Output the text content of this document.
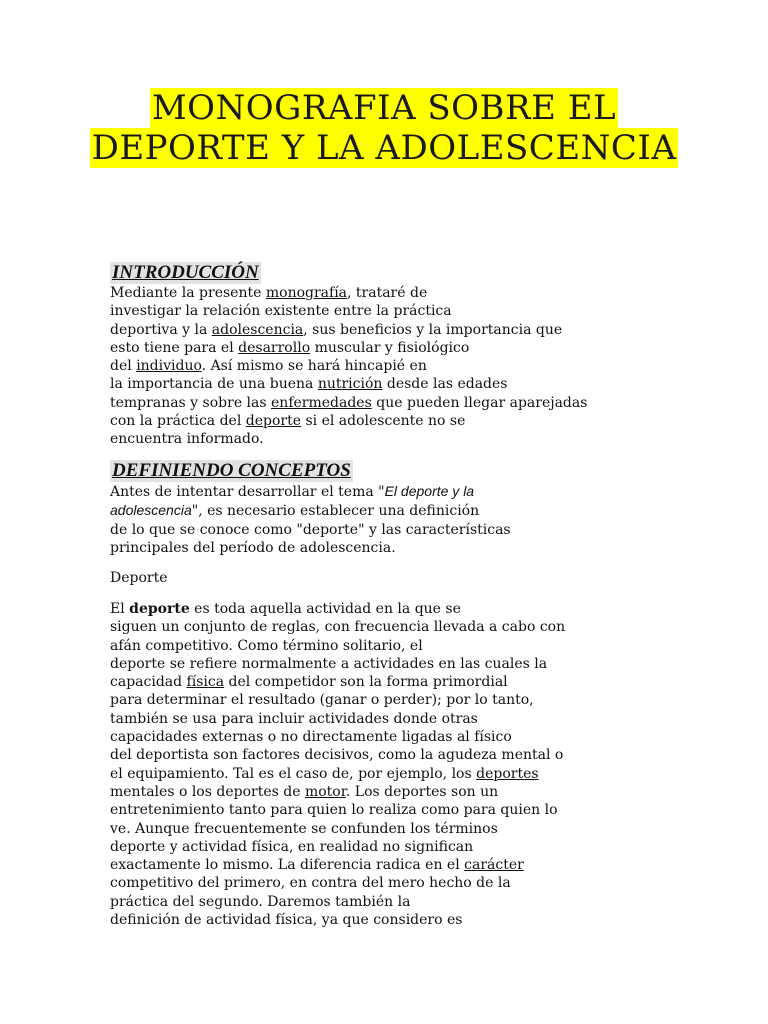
MONOGRAFIA SOBRE EL
DEPORTE Y LA ADOLESCENCIA
INTRODUCCIÓN
Mediante la presente monografía, trataré de
investigar la relación existente entre la práctica
deportiva y la adolescencia, sus beneficios y la importancia que
esto tiene para el desarrollo muscular y fisiológico
del individuo. Así mismo se hará hincapié en
la importancia de una buena nutrición desde las edades
tempranas y sobre las enfermedades que pueden llegar aparejadas
con la práctica del deporte si el adolescente no se
encuentra informado.
DEFINIENDO CONCEPTOS
Antes de intentar desarrollar el tema "El deporte y la
adolescencia", es necesario establecer una definición
de lo que se conoce como "deporte" y las características
principales del período de adolescencia.
Deporte
El deporte es toda aquella actividad en la que se
siguen un conjunto de reglas, con frecuencia llevada a cabo con
afán competitivo. Como término solitario, el
deporte se refiere normalmente a actividades en las cuales la
capacidad física del competidor son la forma primordial
para determinar el resultado (ganar o perder); por lo tanto,
también se usa para incluir actividades donde otras
capacidades externas o no directamente ligadas al físico
del deportista son factores decisivos, como la agudeza mental o
el equipamiento. Tal es el caso de, por ejemplo, los deportes
mentales o los deportes de motor. Los deportes son un
entretenimiento tanto para quien lo realiza como para quien lo
ve. Aunque frecuentemente se confunden los términos
deporte y actividad física, en realidad no significan
exactamente lo mismo. La diferencia radica en el carácter
competitivo del primero, en contra del mero hecho de la
práctica del segundo. Daremos también la
definición de actividad física, ya que considero es
